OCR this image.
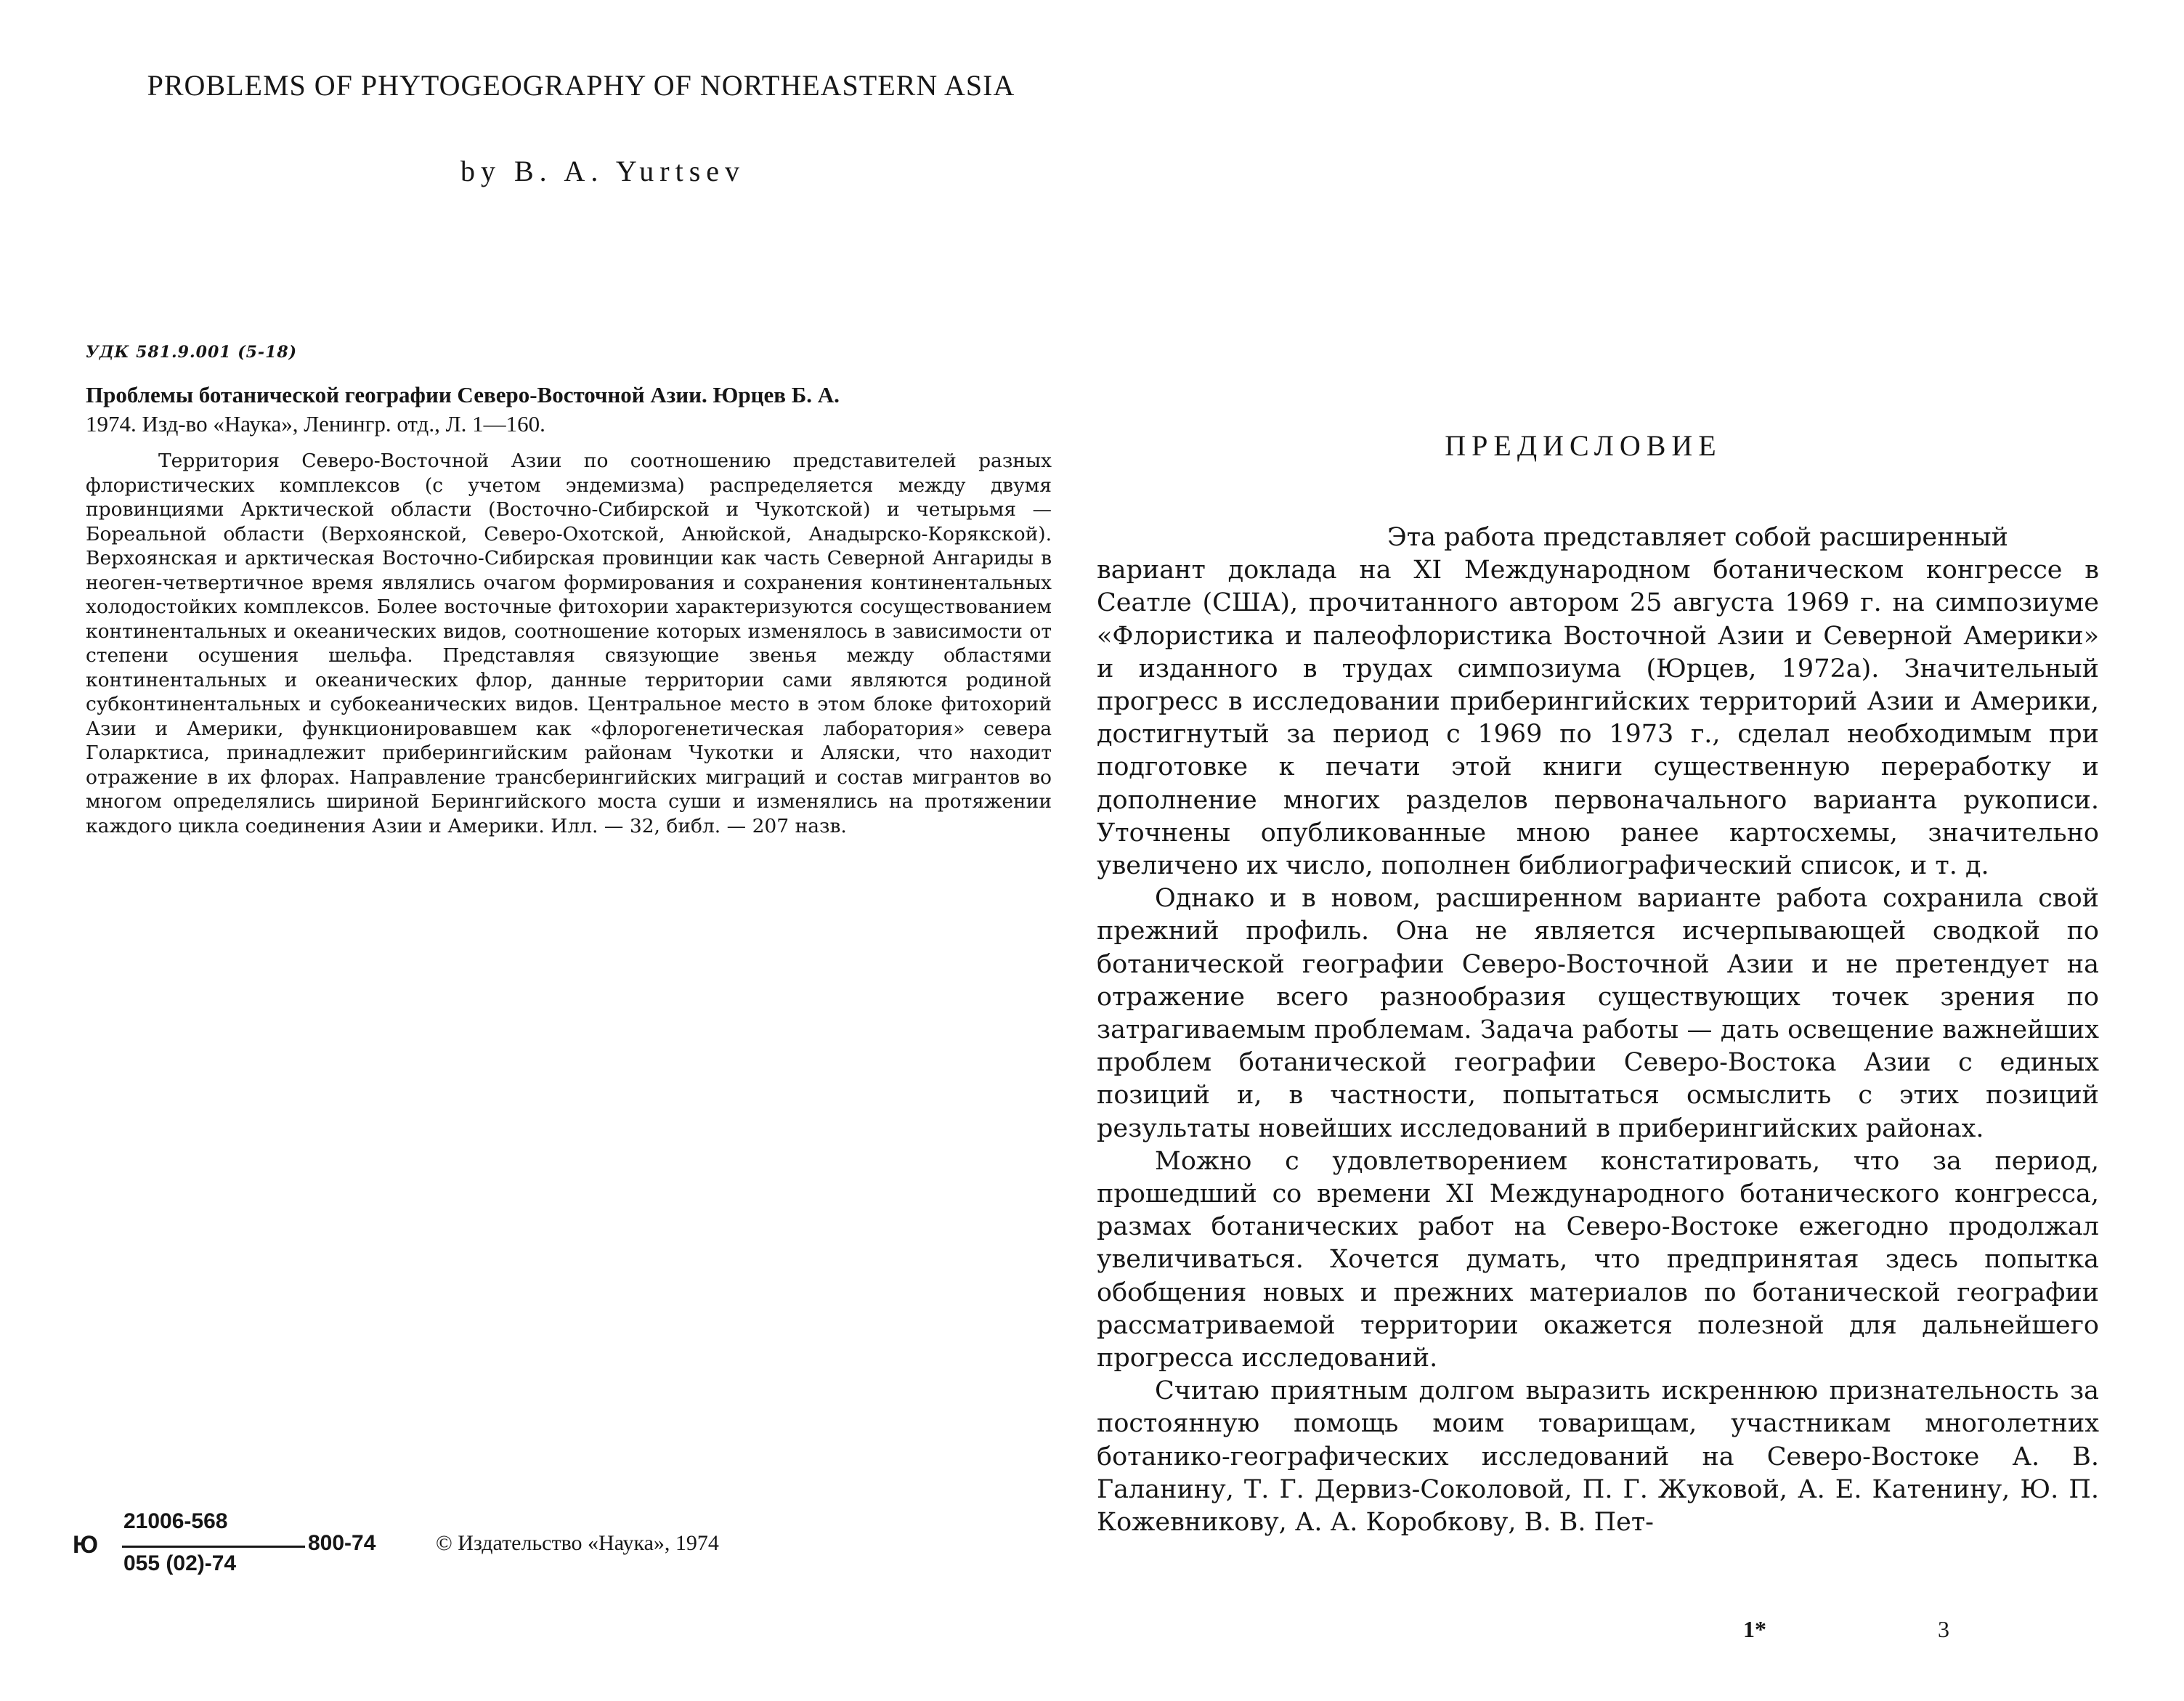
PROBLEMS OF PHYTOGEOGRAPHY OF NORTHEASTERN ASIA
by B. A. Yurtsev
УДК 581.9.001 (5-18)
Проблемы ботанической географии Северо-Восточной Азии. Юрцев Б. А.
1974. Изд-во «Наука», Ленингр. отд., Л. 1—160.
Территория Северо-Восточной Азии по соотношению представителей разных флористических комплексов (с учетом эндемизма) распределяется между двумя провинциями Арктической области (Восточно-Сибирской и Чукотской) и четырьмя — Бореальной области (Верхоянской, Северо-Охотской, Анюйской, Анадырско-Корякской). Верхоянская и арктическая Восточно-Сибирская провинции как часть Северной Ангариды в неоген-четвертичное время являлись очагом формирования и сохранения континентальных холодостойких комплексов. Более восточные фитохории характеризуются сосуществованием континентальных и океанических видов, соотношение которых изменялось в зависимости от степени осушения шельфа. Представляя связующие звенья между областями континентальных и океанических флор, данные территории сами являются родиной субконтинентальных и субокеанических видов. Центральное место в этом блоке фитохорий Азии и Америки, функционировавшем как «флорогенетическая лаборатория» севера Голарктиса, принадлежит приберингийским районам Чукотки и Аляски, что находит отражение в их флорах. Направление трансберингийских миграций и состав мигрантов во многом определялись шириной Берингийского моста суши и изменялись на протяжении каждого цикла соединения Азии и Америки. Илл. — 32, библ. — 207 назв.
Ю
21006-568
055 (02)-74
800-74	© Издательство «Наука», 1974
ПРЕДИСЛОВИЕ

Эта работа представляет собой расширенный
вариант доклада на XI Международном ботаническом конгрессе в Сеатле (США), прочитанного автором 25 августа 1969 г. на симпозиуме «Флористика и палеофлористика Восточной Азии и Северной Америки» и изданного в трудах симпозиума (Юрцев, 1972а). Значительный прогресс в исследовании приберингийских территорий Азии и Америки, достигнутый за период с 1969 по 1973 г., сделал необходимым при подготовке к печати этой книги существенную переработку и дополнение многих разделов первоначального варианта рукописи. Уточнены опубликованные мною ранее картосхемы, значительно увеличено их число, пополнен библиографический список, и т. д.

Однако и в новом, расширенном варианте работа сохранила свой прежний профиль. Она не является исчерпывающей сводкой по ботанической географии Северо-Восточной Азии и не претендует на отражение всего разнообразия существующих точек зрения по затрагиваемым проблемам. Задача работы — дать освещение важнейших проблем ботанической географии Северо-Востока Азии с единых позиций и, в частности, попытаться осмыслить с этих позиций результаты новейших исследований в приберингийских районах.

Можно с удовлетворением констатировать, что за период, прошедший со времени XI Международного ботанического конгресса, размах ботанических работ на Северо-Востоке ежегодно продолжал увеличиваться. Хочется думать, что предпринятая здесь попытка обобщения новых и прежних материалов по ботанической географии рассматриваемой территории окажется полезной для дальнейшего прогресса исследований.

Считаю приятным долгом выразить искреннюю признательность за постоянную помощь моим товарищам, участникам многолетних ботанико-географических исследований на Северо-Востоке А. В. Галанину, Т. Г. Дервиз-Соколовой, П. Г. Жуковой, А. Е. Катенину, Ю. П. Кожевникову, А. А. Коробкову, В. В. Пет-

1*	3
